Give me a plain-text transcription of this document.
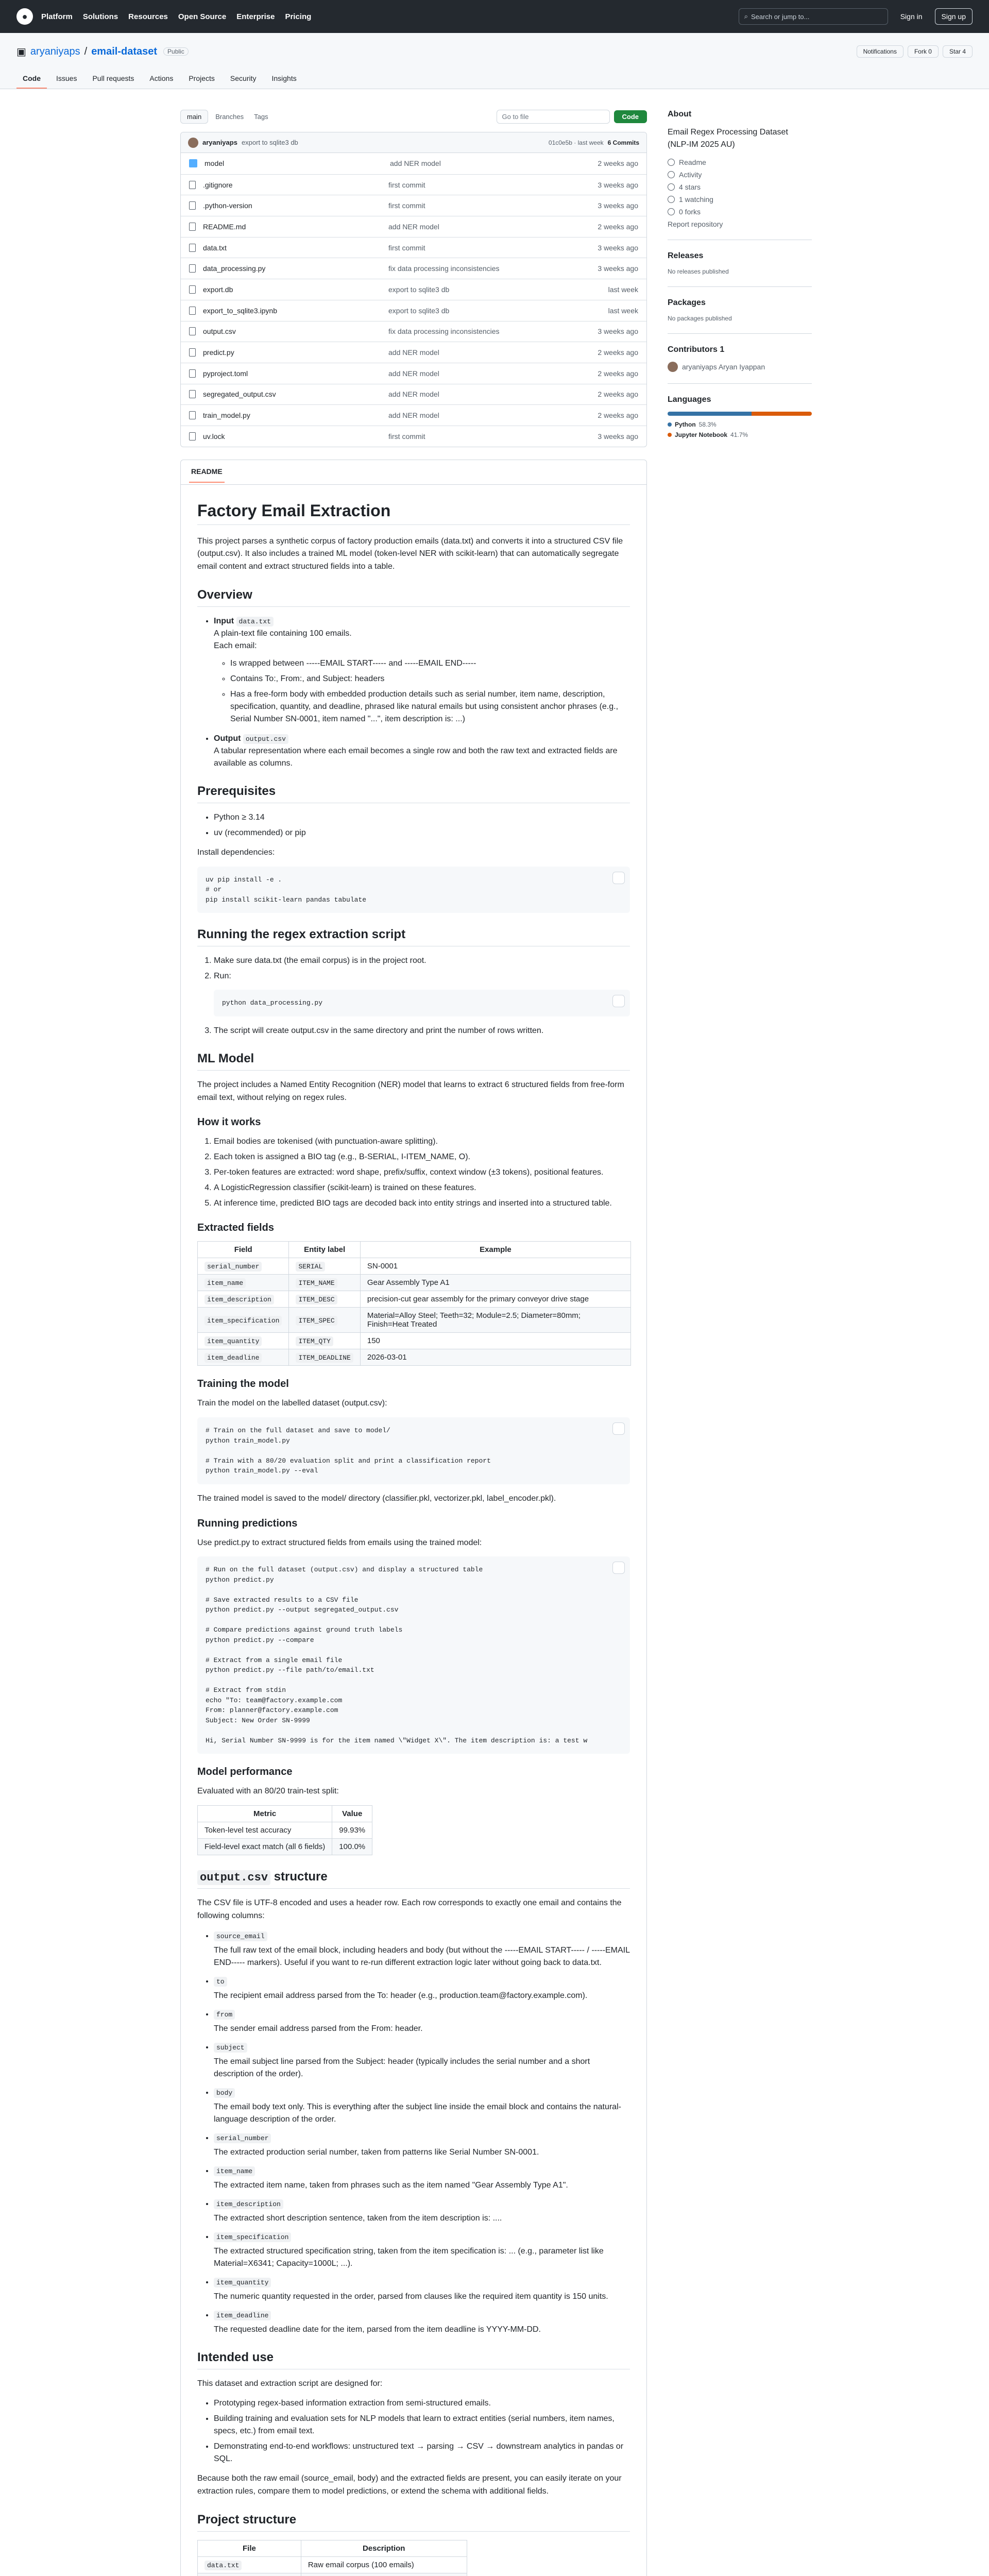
●	Platform Solutions Resources Open Source Enterprise Pricing	⌕ Search or jump to...	Sign in	Sign up
▣ aryaniyaps / email-dataset	Public	Notifications	Fork 0	Star 4
Code	Issues	Pull requests	Actions	Projects	Security	Insights
main	Branches	Tags	Go to file	Code
aryaniyaps export to sqlite3 db	01c0e5b · last week 6 Commits
model	add NER model	2 weeks ago
.gitignore	first commit	3 weeks ago
.python-version	first commit	3 weeks ago
README.md	add NER model	2 weeks ago
data.txt	first commit	3 weeks ago
data_processing.py	fix data processing inconsistencies	3 weeks ago
export.db	export to sqlite3 db	last week
export_to_sqlite3.ipynb	export to sqlite3 db	last week
output.csv	fix data processing inconsistencies	3 weeks ago
predict.py	add NER model	2 weeks ago
pyproject.toml	add NER model	2 weeks ago
segregated_output.csv	add NER model	2 weeks ago
train_model.py	add NER model	2 weeks ago
uv.lock	first commit	3 weeks ago
README
Factory Email Extraction

This project parses a synthetic corpus of factory production emails (data.txt) and converts it into a structured CSV file (output.csv). It also includes a trained ML model (token-level NER with scikit-learn) that can automatically segregate email content and extract structured fields into a table.

Overview
• Input data.txt
A plain-text file containing 100 emails.
Each email:
◦ Is wrapped between -----EMAIL START----- and -----EMAIL END-----
◦ Contains To:, From:, and Subject: headers
◦ Has a free-form body with embedded production details such as serial number, item name, description, specification, quantity, and deadline, phrased like natural emails but using consistent anchor phrases (e.g., Serial Number SN-0001, item named "...", item description is: ...)
• Output output.csv
A tabular representation where each email becomes a single row and both the raw text and extracted fields are available as columns.
Prerequisites
• Python ≥ 3.14
• uv (recommended) or pip

Install dependencies:

uv pip install -e .
# or
pip install scikit-learn pandas tabulate
Running the regex extraction script
1. Make sure data.txt (the email corpus) is in the project root.
2. Run:
python data_processing.py
3. The script will create output.csv in the same directory and print the number of rows written.
ML Model

The project includes a Named Entity Recognition (NER) model that learns to extract 6 structured fields from free-form email text, without relying on regex rules.

How it works
1. Email bodies are tokenised (with punctuation-aware splitting).
2. Each token is assigned a BIO tag (e.g., B-SERIAL, I-ITEM_NAME, O).
3. Per-token features are extracted: word shape, prefix/suffix, context window (±3 tokens), positional features.
4. A LogisticRegression classifier (scikit-learn) is trained on these features.
5. At inference time, predicted BIO tags are decoded back into entity strings and inserted into a structured table.
Extracted fields
Field	Entity label	Example
serial_number	SERIAL	SN-0001
item_name	ITEM_NAME	Gear Assembly Type A1
item_description	ITEM_DESC	precision-cut gear assembly for the primary conveyor drive stage
item_specification	ITEM_SPEC	Material=Alloy Steel; Teeth=32; Module=2.5; Diameter=80mm; Finish=Heat Treated
item_quantity	ITEM_QTY	150
item_deadline	ITEM_DEADLINE	2026-03-01
Training the model

Train the model on the labelled dataset (output.csv):

# Train on the full dataset and save to model/
python train_model.py

# Train with a 80/20 evaluation split and print a classification report
python train_model.py --eval

The trained model is saved to the model/ directory (classifier.pkl, vectorizer.pkl, label_encoder.pkl).

Running predictions

Use predict.py to extract structured fields from emails using the trained model:

# Run on the full dataset (output.csv) and display a structured table
python predict.py

# Save extracted results to a CSV file
python predict.py --output segregated_output.csv

# Compare predictions against ground truth labels
python predict.py --compare

# Extract from a single email file
python predict.py --file path/to/email.txt

# Extract from stdin
echo "To: team@factory.example.com
From: planner@factory.example.com
Subject: New Order SN-9999

Hi, Serial Number SN-9999 is for the item named \"Widget X\". The item description is: a test w
Model performance

Evaluated with an 80/20 train-test split:

Metric	Value
Token-level test accuracy	99.93%
Field-level exact match (all 6 fields)	100.0%
output.csv structure

The CSV file is UTF-8 encoded and uses a header row. Each row corresponds to exactly one email and contains the following columns:

• source_email
The full raw text of the email block, including headers and body (but without the -----EMAIL START----- / -----EMAIL END----- markers). Useful if you want to re-run different extraction logic later without going back to data.txt.
• to
The recipient email address parsed from the To: header (e.g., production.team@factory.example.com).
• from
The sender email address parsed from the From: header.
• subject
The email subject line parsed from the Subject: header (typically includes the serial number and a short description of the order).
• body
The email body text only. This is everything after the subject line inside the email block and contains the natural-language description of the order.
• serial_number
The extracted production serial number, taken from patterns like Serial Number SN-0001.
• item_name
The extracted item name, taken from phrases such as the item named "Gear Assembly Type A1".
• item_description
The extracted short description sentence, taken from the item description is: ....
• item_specification
The extracted structured specification string, taken from the item specification is: ... (e.g., parameter list like Material=X6341; Capacity=1000L; ...).
• item_quantity
The numeric quantity requested in the order, parsed from clauses like the required item quantity is 150 units.
• item_deadline
The requested deadline date for the item, parsed from the item deadline is YYYY-MM-DD.
Intended use

This dataset and extraction script are designed for:

• Prototyping regex-based information extraction from semi-structured emails.
• Building training and evaluation sets for NLP models that learn to extract entities (serial numbers, item names, specs, etc.) from email text.
• Demonstrating end-to-end workflows: unstructured text → parsing → CSV → downstream analytics in pandas or SQL.

Because both the raw email (source_email, body) and the extracted fields are present, you can easily iterate on your extraction rules, compare them to model predictions, or extend the schema with additional fields.

Project structure
File	Description
data.txt	Raw email corpus (100 emails)

About

Email Regex Processing Dataset (NLP-IM 2025 AU)

Readme
Activity
4 stars
1 watching
0 forks
Report repository
Releases
No releases published
Packages
No packages published
Contributors 1
aryaniyaps Aryan Iyappan
Languages
Python 58.3%
Jupyter Notebook 41.7%
